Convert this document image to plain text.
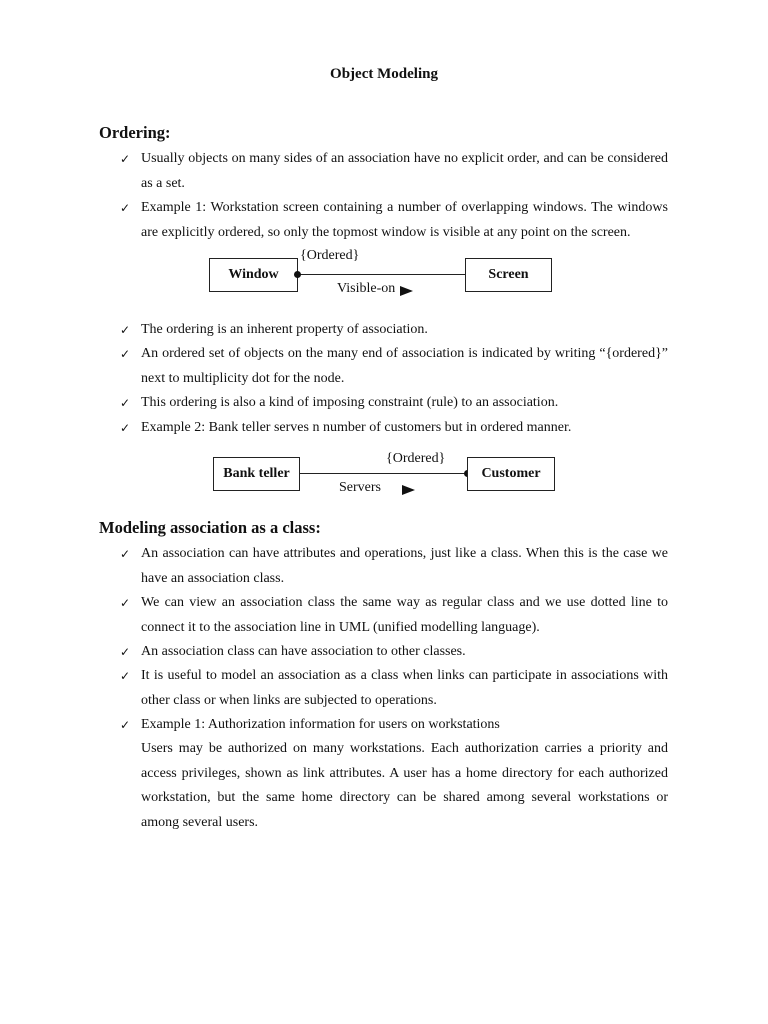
Object Modeling
Ordering:
✓ Usually objects on many sides of an association have no explicit order, and can be considered as a set.
✓ Example 1: Workstation screen containing a number of overlapping windows. The windows are explicitly ordered, so only the topmost window is visible at any point on the screen.
Window	Screen
{Ordered}
Visible-on
✓ The ordering is an inherent property of association.
✓ An ordered set of objects on the many end of association is indicated by writing “{ordered}” next to multiplicity dot for the node.
✓ This ordering is also a kind of imposing constraint (rule) to an association.
✓ Example 2: Bank teller serves n number of customers but in ordered manner.
Bank teller	Customer
{Ordered}
Servers
Modeling association as a class:
✓ An association can have attributes and operations, just like a class. When this is the case we have an association class.
✓ We can view an association class the same way as regular class and we use dotted line to connect it to the association line in UML (unified modelling language).
✓ An association class can have association to other classes.
✓ It is useful to model an association as a class when links can participate in associations with other class or when links are subjected to operations.
✓ Example 1: Authorization information for users on workstations
Users may be authorized on many workstations. Each authorization carries a priority and access privileges, shown as link attributes. A user has a home directory for each authorized workstation, but the same home directory can be shared among several workstations or among several users.
